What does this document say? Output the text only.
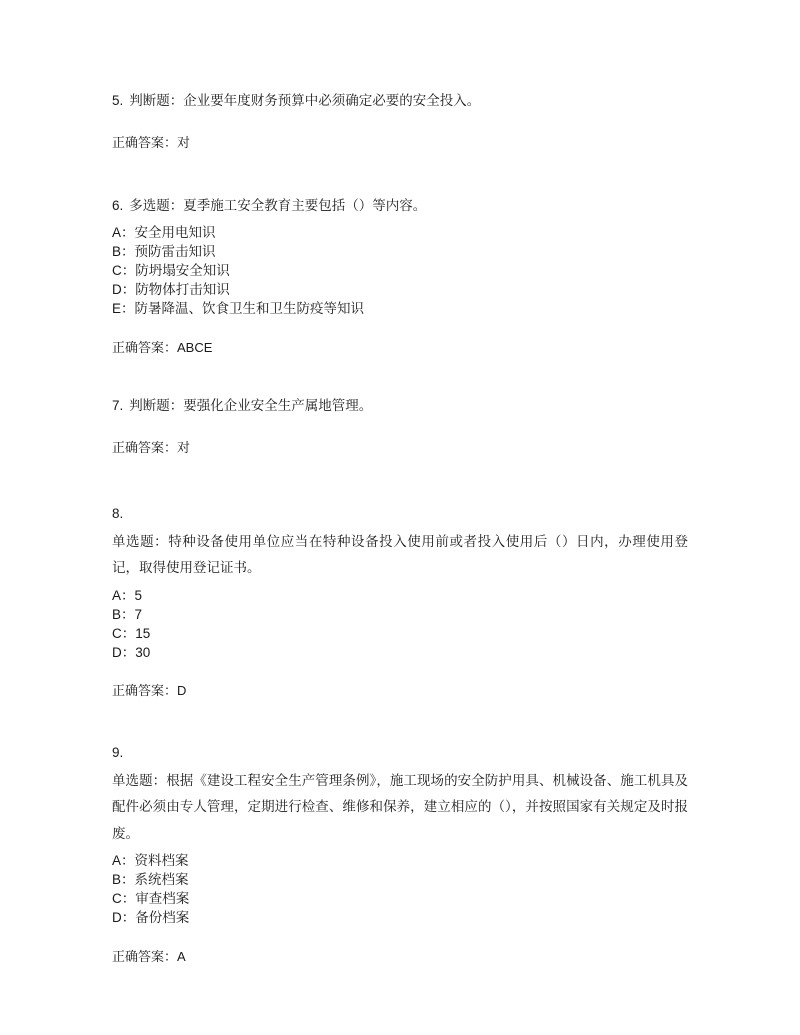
5. 判断题：企业要年度财务预算中必须确定必要的安全投入。

正确答案：对

6. 多选题：夏季施工安全教育主要包括（）等内容。

A：安全用电知识
B：预防雷击知识
C：防坍塌安全知识
D：防物体打击知识
E：防暑降温、饮食卫生和卫生防疫等知识

正确答案：ABCE

7. 判断题：要强化企业安全生产属地管理。

正确答案：对

8.

单选题：特种设备使用单位应当在特种设备投入使用前或者投入使用后（）日内，办理使用登记，取得使用登记证书。

A：5
B：7
C：15
D：30

正确答案：D

9.

单选题：根据《建设工程安全生产管理条例》，施工现场的安全防护用具、机械设备、施工机具及配件必须由专人管理，定期进行检查、维修和保养，建立相应的（），并按照国家有关规定及时报废。

A：资料档案
B：系统档案
C：审查档案
D：备份档案

正确答案：A
